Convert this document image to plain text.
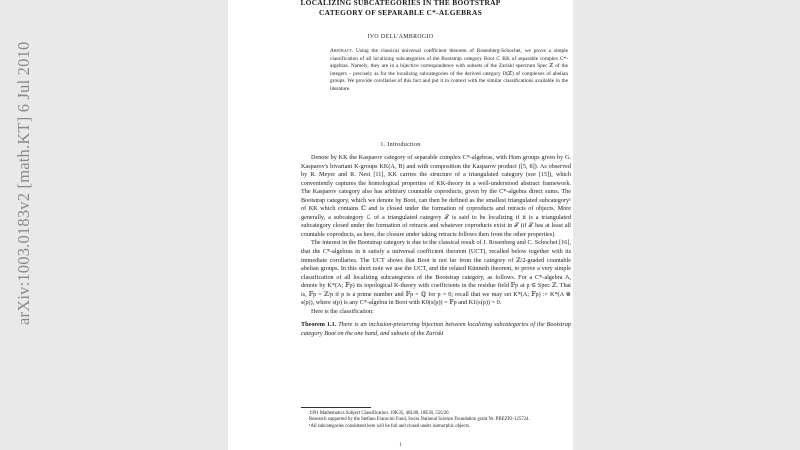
arXiv:1003.0183v2 [math.KT] 6 Jul 2010
LOCALIZING SUBCATEGORIES IN THE BOOTSTRAP
CATEGORY OF SEPARABLE C*-ALGEBRAS
IVO DELL'AMBROGIO
Abstract. Using the classical universal coefficient theorem of Rosenberg-Schochet, we prove a simple classification of all localizing subcategories of the Bootstrap category Boot ⊂ KK of separable complex C*-algebras. Namely, they are in a bijective correspondence with subsets of the Zariski spectrum Spec ℤ of the integers – precisely as for the localizing subcategories of the derived category D(ℤ) of complexes of abelian groups. We provide corollaries of this fact and put it in context with the similar classifications available in the literature.
1. Introduction

Denote by KK the Kasparov category of separable complex C*-algebras, with Hom groups given by G. Kasparov's bivariant K-groups KK(A, B) and with composition the Kasparov product ([5, 8]). As observed by R. Meyer and R. Nest [11], KK carries the structure of a triangulated category (see [15]), which conveniently captures the homological properties of KK-theory in a well-understood abstract framework. The Kasparov category also has arbitrary countable coproducts, given by the C*-algebra direct sums. The Bootstrap category, which we denote by Boot, can then be defined as the smallest triangulated subcategory¹ of KK which contains ℂ and is closed under the formation of coproducts and retracts of objects. More generally, a subcategory ℒ of a triangulated category 𝒯 is said to be localizing if it is a triangulated subcategory closed under the formation of retracts and whatever coproducts exist in 𝒯 (if 𝒯 has at least all countable coproducts, as here, the closure under taking retracts follows then from the other properties).

The interest in the Bootstrap category is due to the classical result of J. Rosenberg and C. Schochet [16], that the C*-algebras in it satisfy a universal coefficient theorem (UCT), recalled below together with its immediate corollaries. The UCT shows that Boot is not far from the category of ℤ/2-graded countable abelian groups. In this short note we use the UCT, and the related Künneth theorem, to prove a very simple classification of all localizing subcategories of the Bootstrap category, as follows. For a C*-algebra A, denote by K*(A; 𝔽p) its topological K-theory with coefficients in the residue field 𝔽p at p ∈ Spec ℤ. That is, 𝔽p = ℤ/p if p is a prime number and 𝔽p = ℚ for p = 0; recall that we may set K*(A; 𝔽p) := K*(A ⊗ s(p)), where s(p) is any C*-algebra in Boot with K0(s(p)) = 𝔽p and K1(s(p)) = 0.

Here is the classification:

Theorem 1.1. There is an inclusion-preserving bijection between localizing subcategories of the Bootstrap category Boot on the one hand, and subsets of the Zariski

1991 Mathematics Subject Classification. 19K35, 46L80, 18E30, 55U20.

Research supported by the Stefano Franscini Fund, Swiss National Science Foundation grant Nr. PBEZP2-125724.

¹All subcategories considered here will be full and closed under isomorphic objects.

1
